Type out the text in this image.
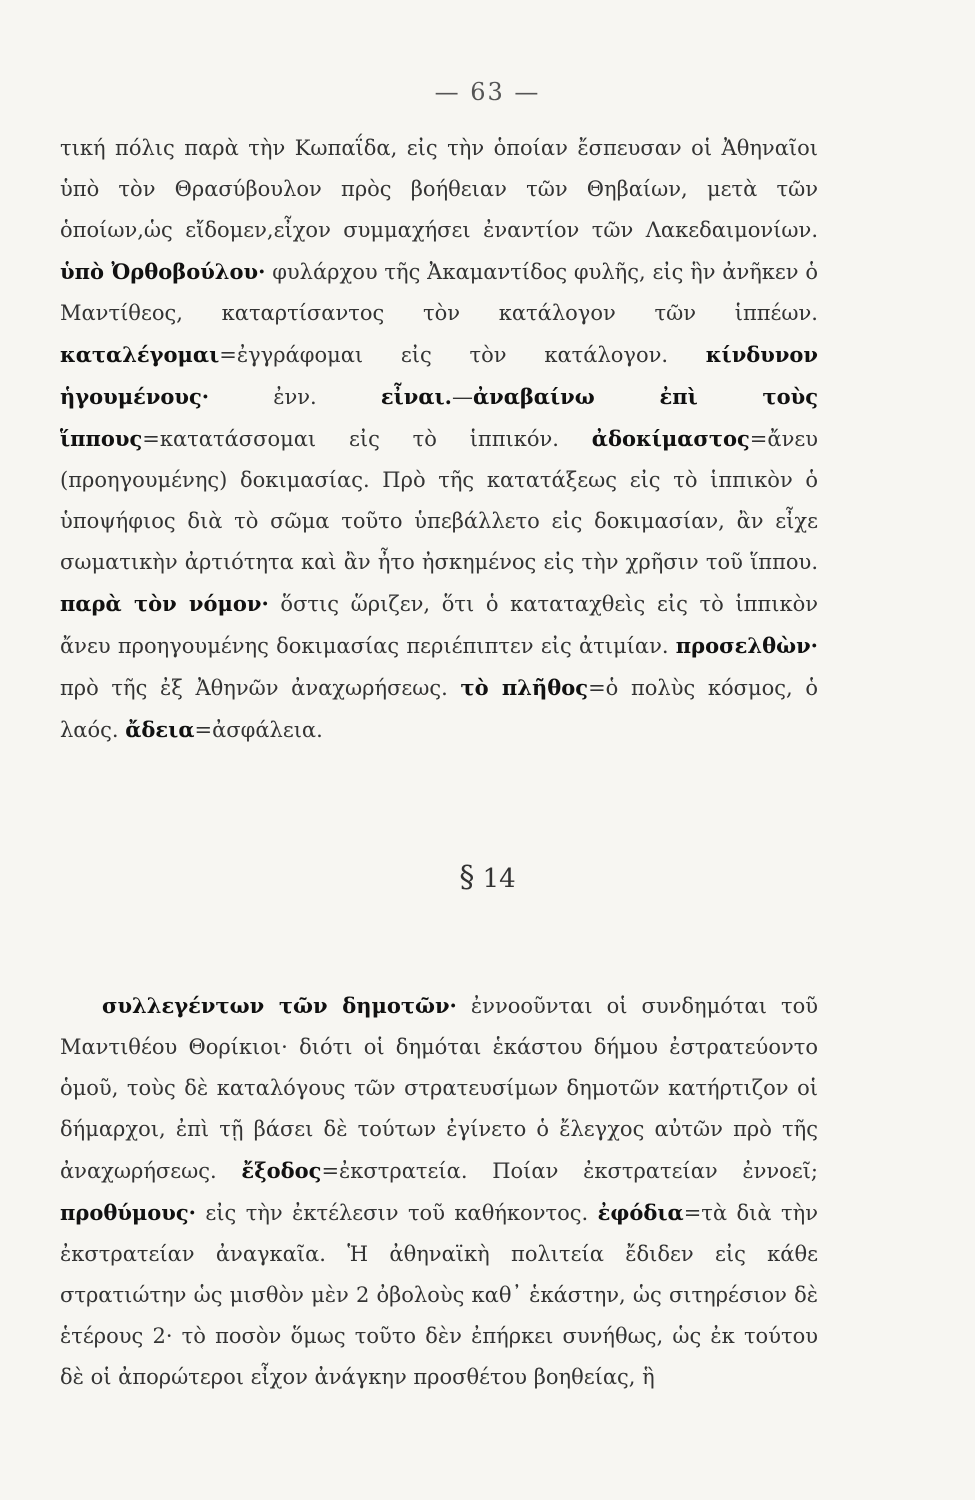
— 63 —
τική πόλις παρὰ τὴν Κωπαΐδα, εἰς τὴν ὁποίαν ἔσπευσαν οἱ Ἀθηναῖοι ὑπὸ τὸν Θρασύβουλον πρὸς βοήθειαν τῶν Θηβαίων, μετὰ τῶν ὁποίων,ὡς εἴδομεν,εἶχον συμμαχήσει ἐναντίον τῶν Λακεδαιμονίων. ὑπὸ Ὀρθοβούλου· φυλάρχου τῆς Ἀκαμαντίδος φυλῆς, εἰς ἣν ἀνῆκεν ὁ Μαντίθεος, καταρτίσαντος τὸν κατάλογον τῶν ἱππέων. καταλέγομαι=ἐγγράφομαι εἰς τὸν κατάλογον. κίνδυνον ἡγουμένους· ἐνν. εἶναι.—ἀναβαίνω ἐπὶ τοὺς ἵππους=κατατάσσομαι εἰς τὸ ἱππικόν. ἀδοκίμαστος=ἄνευ (προηγουμένης) δοκιμασίας. Πρὸ τῆς κατατάξεως εἰς τὸ ἱππικὸν ὁ ὑποψήφιος διὰ τὸ σῶμα τοῦτο ὑπεβάλλετο εἰς δοκιμασίαν, ἂν εἶχε σωματικὴν ἀρτιότητα καὶ ἂν ἦτο ἠσκημένος εἰς τὴν χρῆσιν τοῦ ἵππου. παρὰ τὸν νόμον· ὅστις ὥριζεν, ὅτι ὁ καταταχθεὶς εἰς τὸ ἱππικὸν ἄνευ προηγουμένης δοκιμασίας περιέπιπτεν εἰς ἀτιμίαν. προσελθὼν· πρὸ τῆς ἐξ Ἀθηνῶν ἀναχωρήσεως. τὸ πλῆθος=ὁ πολὺς κόσμος, ὁ λαός. ἄδεια=ἀσφάλεια.
§ 14
συλλεγέντων τῶν δημοτῶν· ἐννοοῦνται οἱ συνδημόται τοῦ Μαντιθέου Θορίκιοι· διότι οἱ δημόται ἑκάστου δήμου ἐστρατεύοντο ὁμοῦ, τοὺς δὲ καταλόγους τῶν στρατευσίμων δημοτῶν κατήρτιζον οἱ δήμαρχοι, ἐπὶ τῇ βάσει δὲ τούτων ἐγίνετο ὁ ἔλεγχος αὐτῶν πρὸ τῆς ἀναχωρήσεως. ἔξοδος=ἐκστρατεία. Ποίαν ἐκστρατείαν ἐννοεῖ; προθύμους· εἰς τὴν ἐκτέλεσιν τοῦ καθήκοντος. ἐφόδια=τὰ διὰ τὴν ἐκστρατείαν ἀναγκαῖα. Ἡ ἀθηναϊκὴ πολιτεία ἔδιδεν εἰς κάθε στρατιώτην ὡς μισθὸν μὲν 2 ὀβολοὺς καθ᾿ ἑκάστην, ὡς σιτηρέσιον δὲ ἑτέρους 2· τὸ ποσὸν ὅμως τοῦτο δὲν ἐπήρκει συνήθως, ὡς ἐκ τούτου δὲ οἱ ἀπορώτεροι εἶχον ἀνάγκην προσθέτου βοηθείας, ἣ
